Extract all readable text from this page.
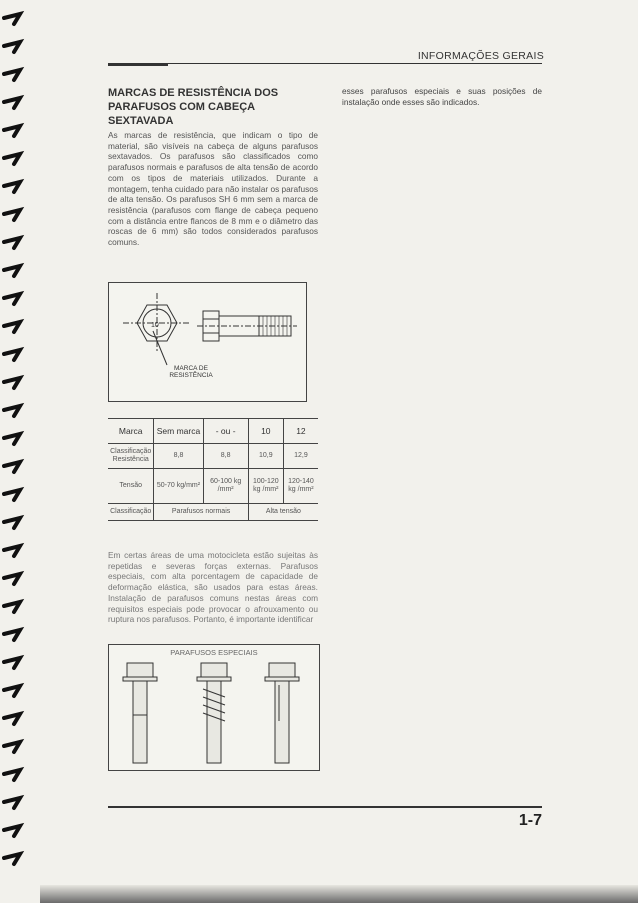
INFORMAÇÕES GERAIS
MARCAS DE RESISTÊNCIA DOS PARAFUSOS COM CABEÇA SEXTAVADA
As marcas de resistência, que indicam o tipo de material, são visíveis na cabeça de alguns parafusos sextavados. Os parafusos são classificados como parafusos normais e parafusos de alta tensão de acordo com os tipos de materiais utilizados. Durante a montagem, tenha cuidado para não instalar os parafusos de alta tensão. Os parafusos SH 6 mm sem a marca de resistência (parafusos com flange de cabeça pequeno com a distância entre flancos de 8 mm e o diâmetro das roscas de 6 mm) são todos considerados parafusos comuns.
esses parafusos especiais e suas posições de instalação onde esses são indicados.
10
MARCA DE RESISTÊNCIA
Marca	Sem marca	- ou -	10	12
Classificação Resistência	8,8	8,8	10,9	12,9
Tensão	50-70 kg/mm²	60-100 kg /mm²	100-120 kg /mm²	120-140 kg /mm²
Classificação	Parafusos normais		Alta tensão	
Em certas áreas de uma motocicleta estão sujeitas às repetidas e severas forças externas. Parafusos especiais, com alta porcentagem de capacidade de deformação elástica, são usados para estas áreas. Instalação de parafusos comuns nestas áreas com requisitos especiais pode provocar o afrouxamento ou ruptura nos parafusos. Portanto, é importante identificar
PARAFUSOS ESPECIAIS
1-7
